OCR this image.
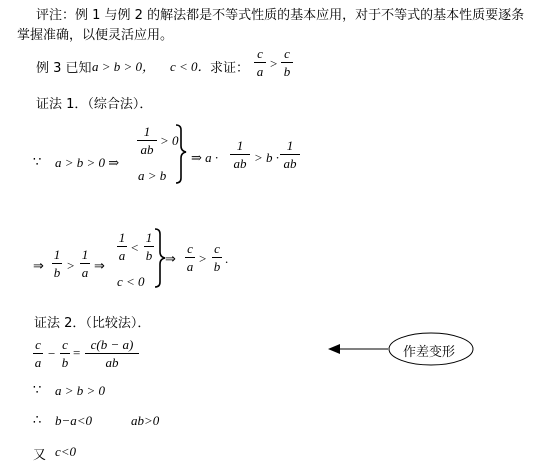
评注：例 1 与例 2 的解法都是不等式性质的基本应用，对于不等式的基本性质要逐条
掌握准确，以便灵活应用。
例 3 已知 a > b > 0， c < 0． 求证：
c
a
>
c
b
证法 1．（综合法）．
∵ a > b > 0 ⇒
1
ab
> 0
a > b
⇒ a ·
1
ab > b ·
1
ab
⇒
1
b >
1
a ⇒
1
a
<
1
b
c < 0
⇒
c
a
>
c
b
.
证法 2．（比较法）．
c
a
−
c
b
=
c(b − a)
ab
作差变形
∵ a > b > 0
∴ b−a<0	ab>0
又 c<0
